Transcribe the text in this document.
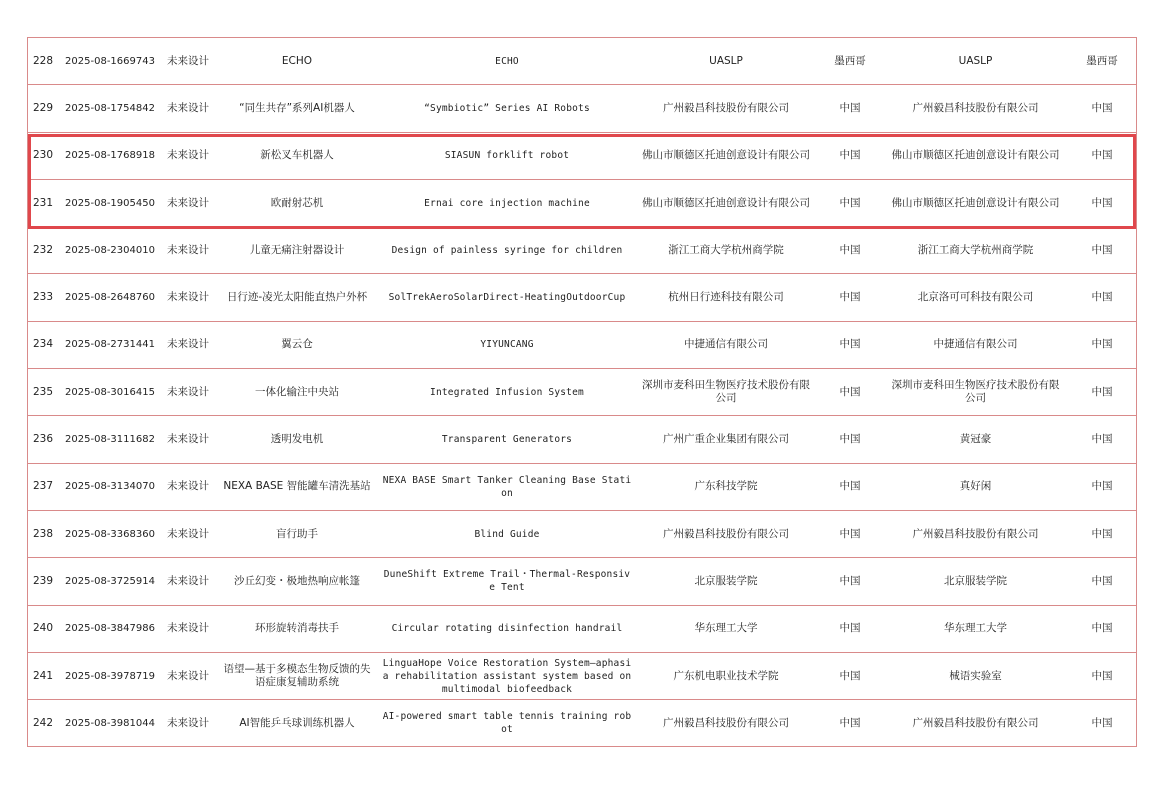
228	2025-08-1669743	未来设计	ECHO	ECHO	UASLP	墨西哥	UASLP	墨西哥
229	2025-08-1754842	未来设计	“同生共存”系列AI机器人	“Symbiotic” Series AI Robots	广州毅昌科技股份有限公司	中国	广州毅昌科技股份有限公司	中国
230	2025-08-1768918	未来设计	新松叉车机器人	SIASUN forklift robot	佛山市顺德区托迪创意设计有限公司	中国	佛山市顺德区托迪创意设计有限公司	中国
231	2025-08-1905450	未来设计	欧耐射芯机	Ernai core injection machine	佛山市顺德区托迪创意设计有限公司	中国	佛山市顺德区托迪创意设计有限公司	中国
232	2025-08-2304010	未来设计	儿童无痛注射器设计	Design of painless syringe for children	浙江工商大学杭州商学院	中国	浙江工商大学杭州商学院	中国
233	2025-08-2648760	未来设计	日行迹-凌光太阳能直热户外杯	SolTrekAeroSolarDirect-HeatingOutdoorCup	杭州日行迹科技有限公司	中国	北京洛可可科技有限公司	中国
234	2025-08-2731441	未来设计	翼云仓	YIYUNCANG	中捷通信有限公司	中国	中捷通信有限公司	中国
235	2025-08-3016415	未来设计	一体化输注中央站	Integrated Infusion System	深圳市麦科田生物医疗技术股份有限公司	中国	深圳市麦科田生物医疗技术股份有限公司	中国
236	2025-08-3111682	未来设计	透明发电机	Transparent Generators	广州广重企业集团有限公司	中国	黄冠豪	中国
237	2025-08-3134070	未来设计	NEXA BASE 智能罐车清洗基站	NEXA BASE Smart Tanker Cleaning Base Station	广东科技学院	中国	真好闲	中国
238	2025-08-3368360	未来设计	盲行助手	Blind Guide	广州毅昌科技股份有限公司	中国	广州毅昌科技股份有限公司	中国
239	2025-08-3725914	未来设计	沙丘幻变・极地热响应帐篷	DuneShift Extreme Trail・Thermal-Responsive Tent	北京服装学院	中国	北京服装学院	中国
240	2025-08-3847986	未来设计	环形旋转消毒扶手	Circular rotating disinfection handrail	华东理工大学	中国	华东理工大学	中国
241	2025-08-3978719	未来设计	语望—基于多模态生物反馈的失语症康复辅助系统	LinguaHope Voice Restoration System—aphasia rehabilitation assistant system based on multimodal biofeedback	广东机电职业技术学院	中国	械语实验室	中国
242	2025-08-3981044	未来设计	AI智能乒乓球训练机器人	AI-powered smart table tennis training robot	广州毅昌科技股份有限公司	中国	广州毅昌科技股份有限公司	中国
